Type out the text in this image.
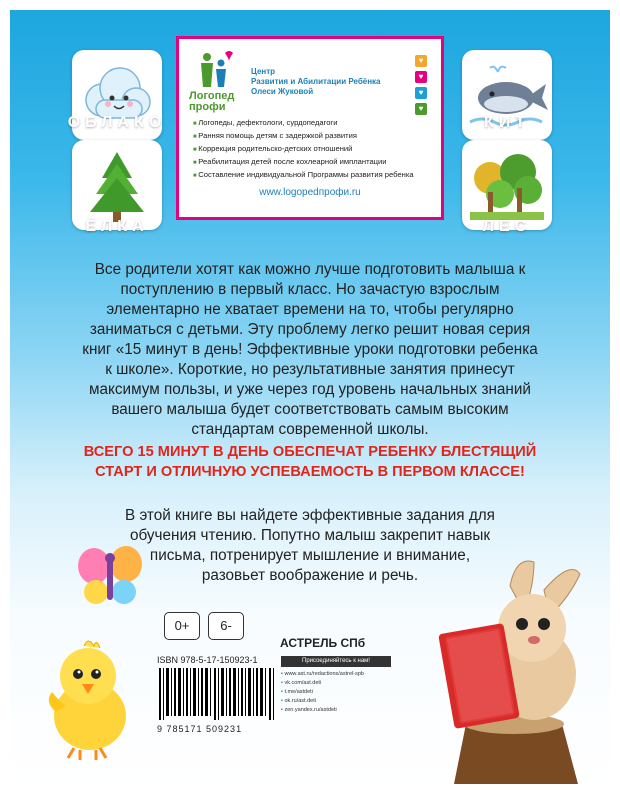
ОБЛАКО
ЁЛКА
КИТ
ЛЕС
Логопед
профи
Центр
Развития и Абилитации Ребёнка
Олеси Жуковой
♥
♥
♥
♥
■ Логопеды, дефектологи, сурдопедагоги
■ Ранняя помощь детям с задержкой развития
■ Коррекция родительско-детских отношений
■ Реабилитация детей после кохлеарной имплантации
■ Составление индивидуальной Программы развития ребенка
www.logopedпрофи.ru
Все родители хотят как можно лучше подготовить малыша к поступлению в первый класс. Но зачастую взрослым элементарно не хватает времени на то, чтобы регулярно заниматься с детьми. Эту проблему легко решит новая серия книг «15 минут в день! Эффективные уроки подготовки ребенка к школе». Короткие, но результативные занятия принесут максимум пользы, и уже через год уровень начальных знаний вашего малыша будет соответствовать самым высоким стандартам современной школы.
ВСЕГО 15 МИНУТ В ДЕНЬ ОБЕСПЕЧАТ РЕБЕНКУ БЛЕСТЯЩИЙ СТАРТ И ОТЛИЧНУЮ УСПЕВАЕМОСТЬ В ПЕРВОМ КЛАССЕ!
В этой книге вы найдете эффективные задания для обучения чтению. Попутно малыш закрепит навык письма, потренирует мышление и внимание, разовьет воображение и речь.
0+	6-
ISBN 978-5-17-150923-1
9 785171 509231
АСТРЕЛЬ СПб
Присоединяйтесь к нам!
▪ www.ast.ru/redactions/astrel-spb
▪ vk.com/ast.deti
▪ t.me/astdeti
▪ ok.ru/ast.deti
▪ zen.yandex.ru/astdeti
